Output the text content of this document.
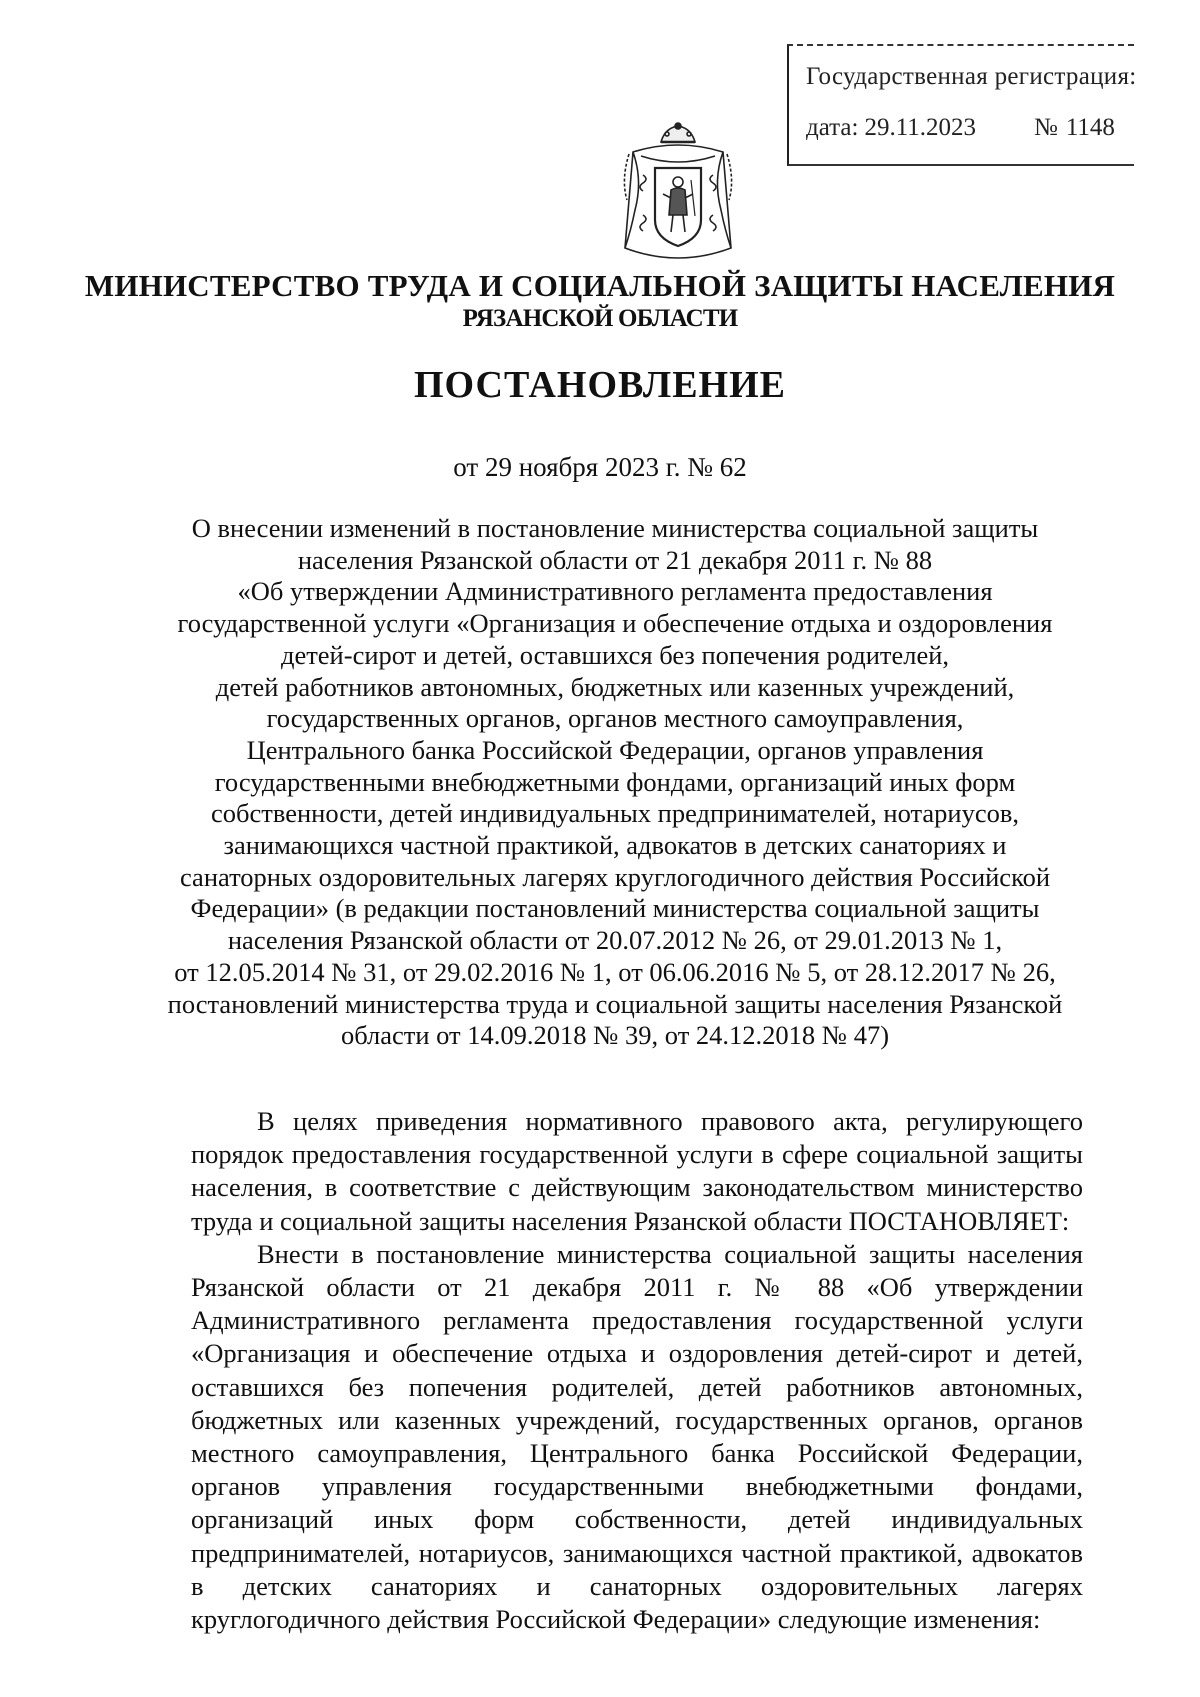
Государственная регистрация:
дата: 29.11.2023 № 1148
МИНИСТЕРСТВО ТРУДА И СОЦИАЛЬНОЙ ЗАЩИТЫ НАСЕЛЕНИЯ
РЯЗАНСКОЙ ОБЛАСТИ
ПОСТАНОВЛЕНИЕ
от 29 ноября 2023 г. № 62
О внесении изменений в постановление министерства социальной защиты
населения Рязанской области от 21 декабря 2011 г. № 88
«Об утверждении Административного регламента предоставления
государственной услуги «Организация и обеспечение отдыха и оздоровления
детей-сирот и детей, оставшихся без попечения родителей,
детей работников автономных, бюджетных или казенных учреждений,
государственных органов, органов местного самоуправления,
Центрального банка Российской Федерации, органов управления
государственными внебюджетными фондами, организаций иных форм
собственности, детей индивидуальных предпринимателей, нотариусов,
занимающихся частной практикой, адвокатов в детских санаториях и
санаторных оздоровительных лагерях круглогодичного действия Российской
Федерации» (в редакции постановлений министерства социальной защиты
населения Рязанской области от 20.07.2012 № 26, от 29.01.2013 № 1,
от 12.05.2014 № 31, от 29.02.2016 № 1, от 06.06.2016 № 5, от 28.12.2017 № 26,
постановлений министерства труда и социальной защиты населения Рязанской
области от 14.09.2018 № 39, от 24.12.2018 № 47)

В целях приведения нормативного правового акта, регулирующего порядок предоставления государственной услуги в сфере социальной защиты населения, в соответствие с действующим законодательством министерство труда и социальной защиты населения Рязанской области ПОСТАНОВЛЯЕТ:

Внести в постановление министерства социальной защиты населения Рязанской области от 21 декабря 2011 г. № 88 «Об утверждении Административного регламента предоставления государственной услуги «Организация и обеспечение отдыха и оздоровления детей-сирот и детей, оставшихся без попечения родителей, детей работников автономных, бюджетных или казенных учреждений, государственных органов, органов местного самоуправления, Центрального банка Российской Федерации, органов управления государственными внебюджетными фондами, организаций иных форм собственности, детей индивидуальных предпринимателей, нотариусов, занимающихся частной практикой, адвокатов в детских санаториях и санаторных оздоровительных лагерях круглогодичного действия Российской Федерации» следующие изменения:
